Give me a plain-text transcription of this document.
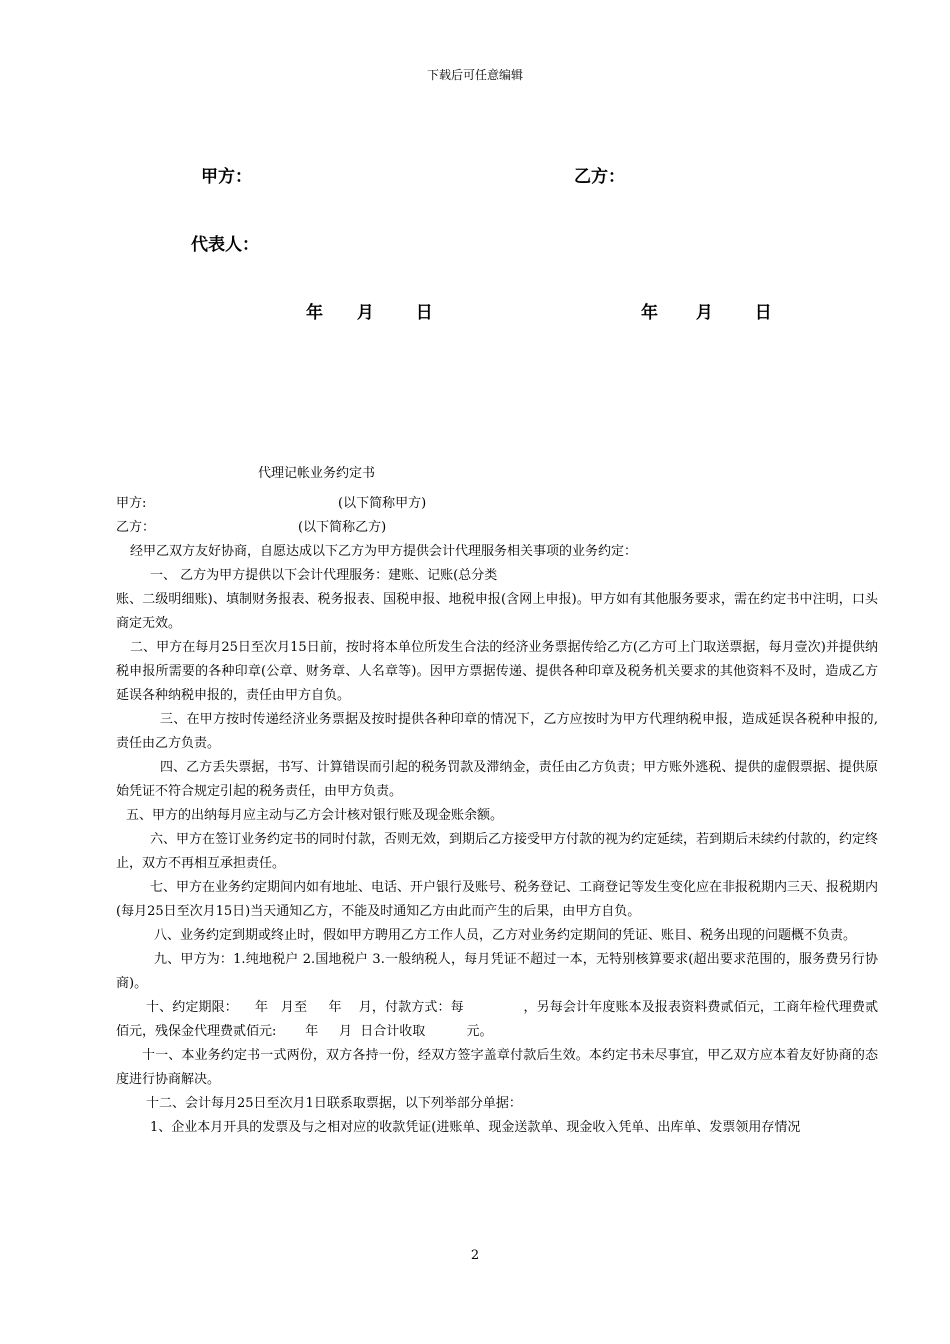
下载后可任意编辑
甲方：	乙方：
代表人：
年 月 日	年 月 日
代理记帐业务约定书
甲方:	(以下简称甲方)
乙方：	(以下简称乙方)

经甲乙双方友好协商，自愿达成以下乙方为甲方提供会计代理服务相关事项的业务约定：

一、 乙方为甲方提供以下会计代理服务：建账、记账(总分类

账、二级明细账)、填制财务报表、税务报表、国税申报、地税申报(含网上申报)。甲方如有其他服务要求，需在约定书中注明，口头商定无效。

二、甲方在每月25日至次月15日前，按时将本单位所发生合法的经济业务票据传给乙方(乙方可上门取送票据，每月壹次)并提供纳税申报所需要的各种印章(公章、财务章、人名章等)。因甲方票据传递、提供各种印章及税务机关要求的其他资料不及时，造成乙方延误各种纳税申报的，责任由甲方自负。

三、在甲方按时传递经济业务票据及按时提供各种印章的情况下，乙方应按时为甲方代理纳税申报，造成延误各税种申报的, 责任由乙方负责。

四、乙方丢失票据，书写、计算错误而引起的税务罚款及滞纳金，责任由乙方负责；甲方账外逃税、提供的虚假票据、提供原始凭证不符合规定引起的税务责任，由甲方负责。

五、甲方的出纳每月应主动与乙方会计核对银行账及现金账余额。

六、甲方在签订业务约定书的同时付款，否则无效，到期后乙方接受甲方付款的视为约定延续，若到期后未续约付款的，约定终止，双方不再相互承担责任。

七、甲方在业务约定期间内如有地址、电话、开户银行及账号、税务登记、工商登记等发生变化应在非报税期内三天、报税期内(每月25日至次月15日)当天通知乙方，不能及时通知乙方由此而产生的后果，由甲方自负。

八、业务约定到期或终止时，假如甲方聘用乙方工作人员，乙方对业务约定期间的凭证、账目、税务出现的问题概不负责。

九、甲方为：1.纯地税户 2.国地税户 3.一般纳税人，每月凭证不超过一本，无特别核算要求(超出要求范围的，服务费另行协商)。

十、约定期限：    年   月至     年    月，付款方式：每              ，另每会计年度账本及报表资料费贰佰元，工商年检代理费贰佰元，残保金代理费贰佰元:       年     月  日合计收取          元。

十一、本业务约定书一式两份，双方各持一份，经双方签字盖章付款后生效。本约定书未尽事宜，甲乙双方应本着友好协商的态度进行协商解决。

十二、会计每月25日至次月1日联系取票据，以下列举部分单据：

1、企业本月开具的发票及与之相对应的收款凭证(进账单、现金送款单、现金收入凭单、出库单、发票领用存情况

2
